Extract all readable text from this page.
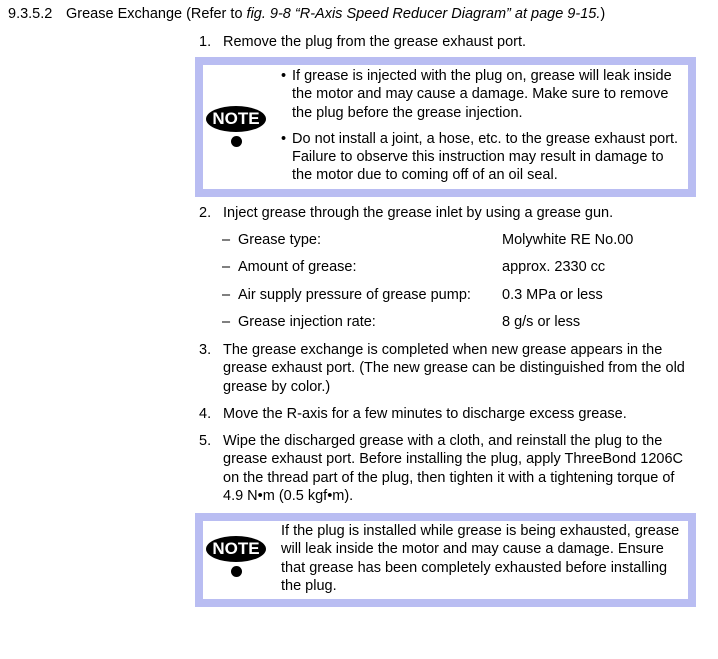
9.3.5.2 Grease Exchange (Refer to fig. 9-8 “R-Axis Speed Reducer Diagram” at page 9-15.)
1. Remove the plug from the grease exhaust port.
NOTE
• If grease is injected with the plug on, grease will leak inside the motor and may cause a damage. Make sure to remove the plug before the grease injection.
• Do not install a joint, a hose, etc. to the grease exhaust port. Failure to observe this instruction may result in damage to the motor due to coming off of an oil seal.
2. Inject grease through the grease inlet by using a grease gun.
– Grease type:	Molywhite RE No.00
– Amount of grease:	approx. 2330 cc
– Air supply pressure of grease pump: 0.3 MPa or less
– Grease injection rate:	8 g/s or less
3. The grease exchange is completed when new grease appears in the grease exhaust port. (The new grease can be distinguished from the old grease by color.)
4. Move the R-axis for a few minutes to discharge excess grease.
5. Wipe the discharged grease with a cloth, and reinstall the plug to the grease exhaust port. Before installing the plug, apply ThreeBond 1206C on the thread part of the plug, then tighten it with a tightening torque of 4.9 N•m (0.5 kgf•m).
NOTE
If the plug is installed while grease is being exhausted, grease will leak inside the motor and may cause a damage. Ensure that grease has been completely exhausted before installing the plug.
